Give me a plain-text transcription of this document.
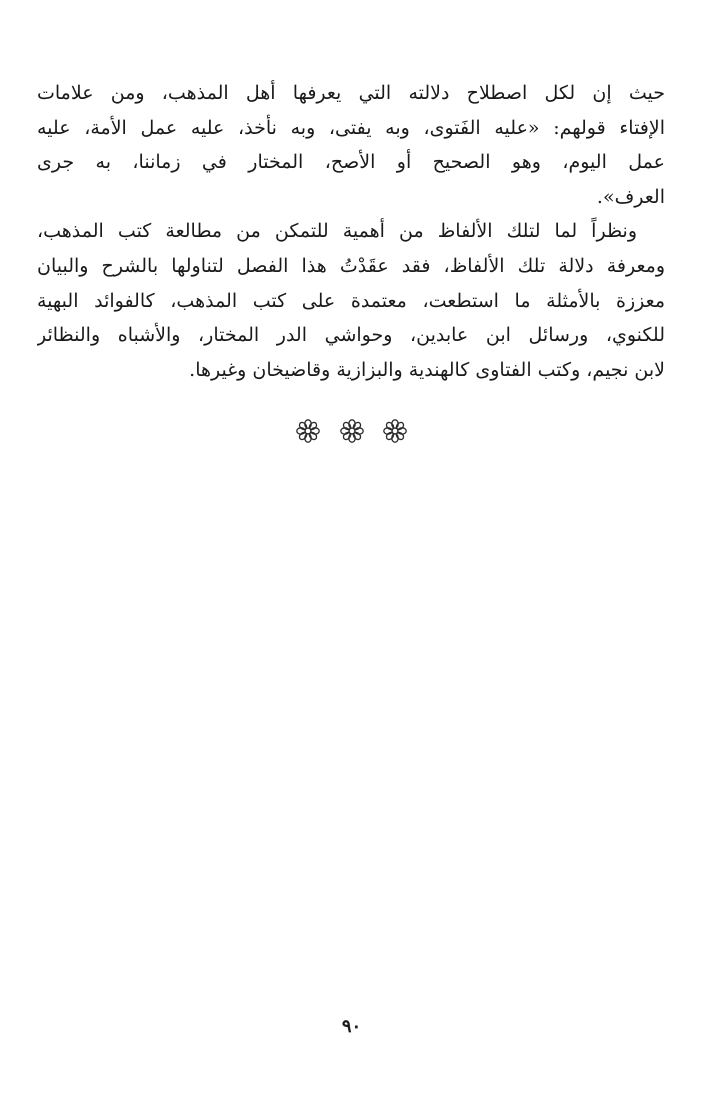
حيث إن لكل اصطلاح دلالته التي يعرفها أهل المذهب، ومن علامات
الإفتاء قولهم: «عليه الفَتوى، وبه يفتى، وبه نأخذ، عليه عمل الأمة، عليه
عمل اليوم، وهو الصحيح أو الأصح، المختار في زماننا، به جرى
العرف».
ونظراً لما لتلك الألفاظ من أهمية للتمكن من مطالعة كتب المذهب،
ومعرفة دلالة تلك الألفاظ، فقد عقَدْتُ هذا الفصل لتناولها بالشرح والبيان
معززة بالأمثلة ما استطعت، معتمدة على كتب المذهب، كالفوائد البهية
للكنوي، ورسائل ابن عابدين، وحواشي الدر المختار، والأشباه والنظائر
لابن نجيم، وكتب الفتاوى كالهندية والبزازية وقاضيخان وغيرها.

٩٠
